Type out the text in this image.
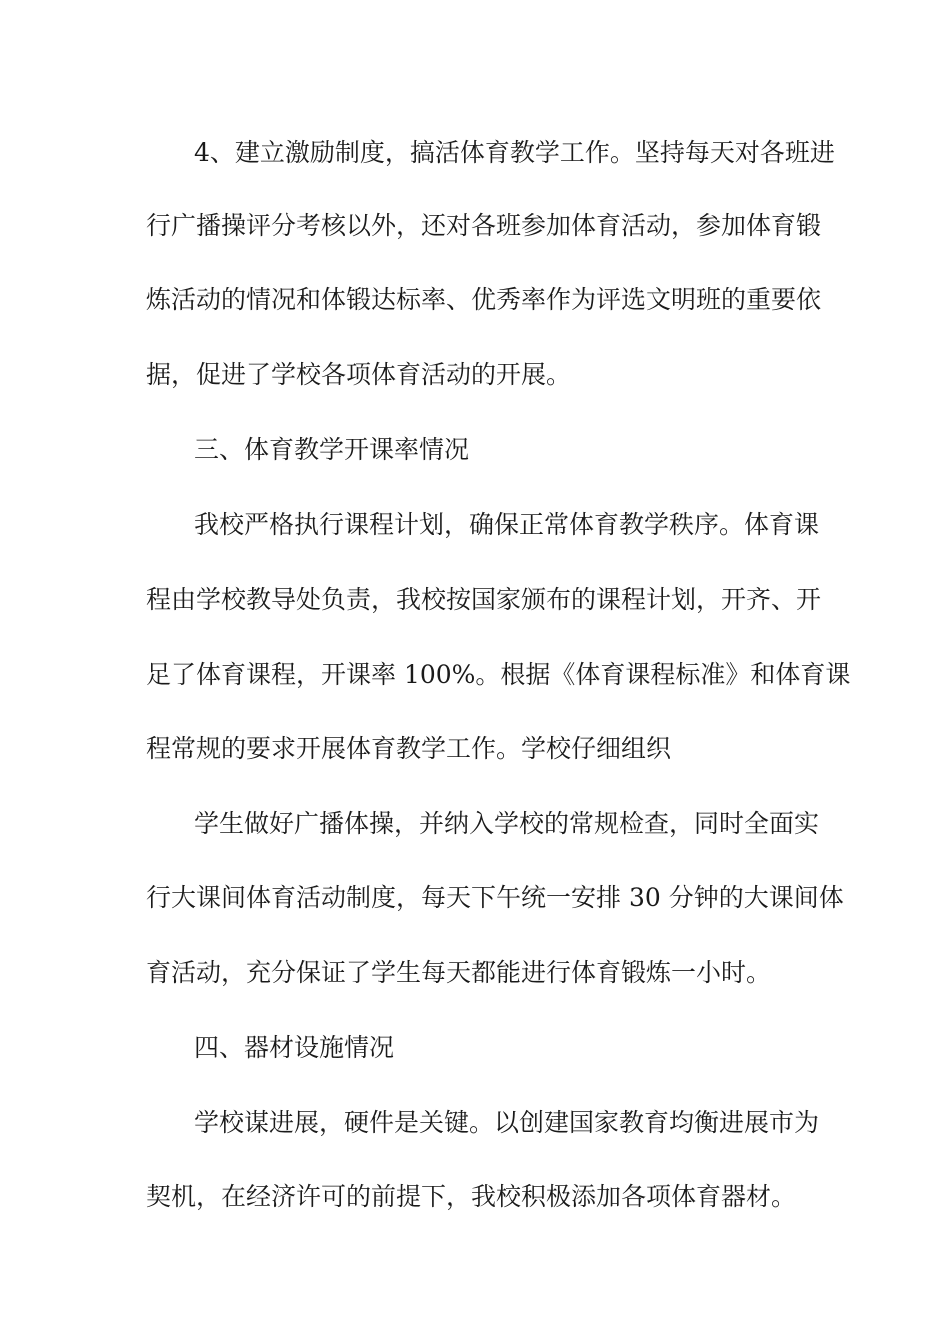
4、建立激励制度，搞活体育教学工作。坚持每天对各班进
行广播操评分考核以外，还对各班参加体育活动，参加体育锻
炼活动的情况和体锻达标率、优秀率作为评选文明班的重要依
据，促进了学校各项体育活动的开展。
三、体育教学开课率情况
我校严格执行课程计划，确保正常体育教学秩序。体育课
程由学校教导处负责，我校按国家颁布的课程计划，开齐、开
足了体育课程，开课率 100%。根据《体育课程标准》和体育课
程常规的要求开展体育教学工作。学校仔细组织
学生做好广播体操，并纳入学校的常规检查，同时全面实
行大课间体育活动制度，每天下午统一安排 30 分钟的大课间体
育活动，充分保证了学生每天都能进行体育锻炼一小时。
四、器材设施情况
学校谋进展，硬件是关键。以创建国家教育均衡进展市为
契机，在经济许可的前提下，我校积极添加各项体育器材。
